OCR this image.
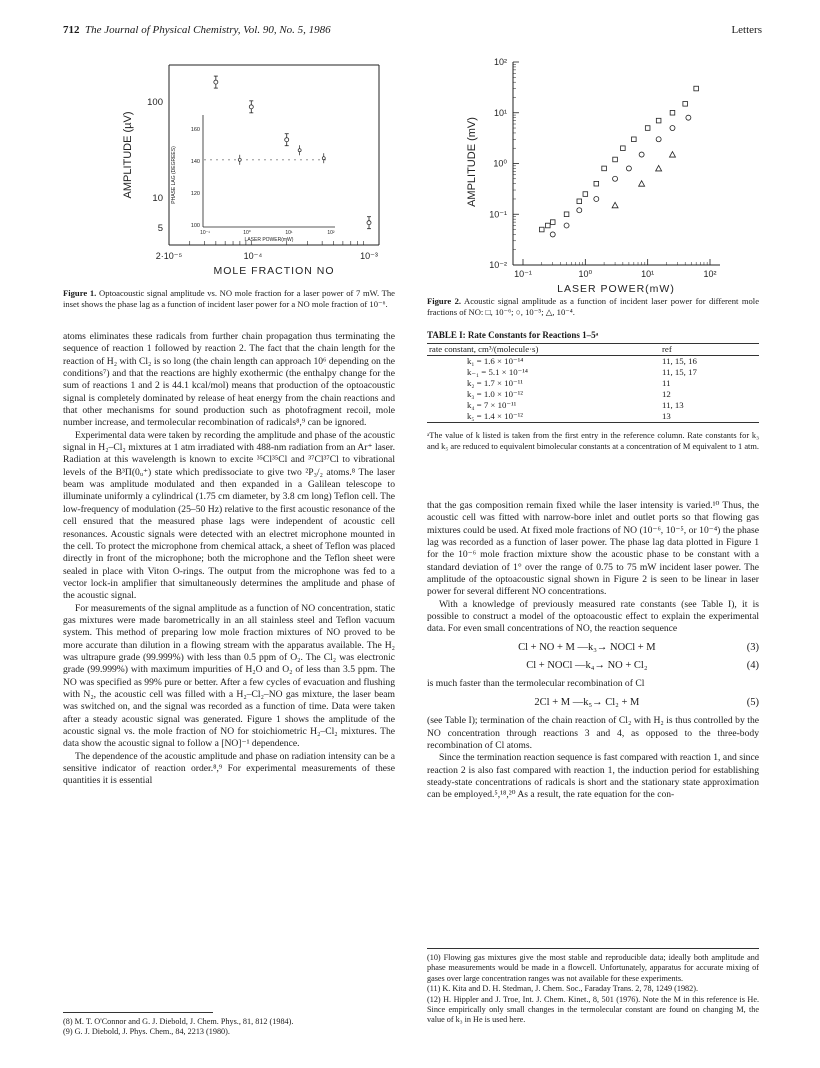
712 The Journal of Physical Chemistry, Vol. 90, No. 5, 1986	Letters
AMPLITUDE (µV)
100
10
5
2·10⁻⁵	10⁻⁴	10⁻³
MOLE FRACTION NO
PHASE LAG (DEGREES)
160
140
120
100
10⁻¹	10⁰	10¹	10²
LASER POWER(mW)
Figure 1. Optoacoustic signal amplitude vs. NO mole fraction for a laser power of 7 mW. The inset shows the phase lag as a function of incident laser power for a NO mole fraction of 10⁻⁶.
AMPLITUDE (mV)
10²
10¹
10⁰
10⁻¹
10⁻²
10⁻¹	10⁰	10¹	10²
LASER POWER(mW)
Figure 2. Acoustic signal amplitude as a function of incident laser power for different mole fractions of NO: □, 10⁻⁶; ○, 10⁻⁵; △, 10⁻⁴.

atoms eliminates these radicals from further chain propagation thus terminating the sequence of reaction 1 followed by reaction 2. The fact that the chain length for the reaction of H₂ with Cl₂ is so long (the chain length can approach 10⁶ depending on the conditions⁷) and that the reactions are highly exothermic (the enthalpy change for the sum of reactions 1 and 2 is 44.1 kcal/mol) means that production of the optoacoustic signal is completely dominated by release of heat energy from the chain reactions and that other mechanisms for sound production such as photofragment recoil, mole number increase, and termolecular recombination of radicals⁸,⁹ can be ignored.

Experimental data were taken by recording the amplitude and phase of the acoustic signal in H₂–Cl₂ mixtures at 1 atm irradiated with 488-nm radiation from an Ar⁺ laser. Radiation at this wavelength is known to excite ³⁵Cl³⁵Cl and ³⁷Cl³⁷Cl to vibrational levels of the B³Π(0ᵤ⁺) state which predissociate to give two ²P₃/₂ atoms.⁸ The laser beam was amplitude modulated and then expanded in a Galilean telescope to illuminate uniformly a cylindrical (1.75 cm diameter, by 3.8 cm long) Teflon cell. The low-frequency of modulation (25–50 Hz) relative to the first acoustic resonance of the cell ensured that the measured phase lags were independent of acoustic cell resonances. Acoustic signals were detected with an electret microphone mounted in the cell. To protect the microphone from chemical attack, a sheet of Teflon was placed directly in front of the microphone; both the microphone and the Teflon sheet were sealed in place with Viton O-rings. The output from the microphone was fed to a vector lock-in amplifier that simultaneously determines the amplitude and phase of the acoustic signal.

For measurements of the signal amplitude as a function of NO concentration, static gas mixtures were made barometrically in an all stainless steel and Teflon vacuum system. This method of preparing low mole fraction mixtures of NO proved to be more accurate than dilution in a flowing stream with the apparatus available. The H₂ was ultrapure grade (99.999%) with less than 0.5 ppm of O₂. The Cl₂ was electronic grade (99.999%) with maximum impurities of H₂O and O₂ of less than 3.5 ppm. The NO was specified as 99% pure or better. After a few cycles of evacuation and flushing with N₂, the acoustic cell was filled with a H₂–Cl₂–NO gas mixture, the laser beam was switched on, and the signal was recorded as a function of time. Data were taken after a steady acoustic signal was generated. Figure 1 shows the amplitude of the acoustic signal vs. the mole fraction of NO for stoichiometric H₂–Cl₂ mixtures. The data show the acoustic signal to follow a [NO]⁻¹ dependence.

The dependence of the acoustic amplitude and phase on radiation intensity can be a sensitive indicator of reaction order.⁸,⁹ For experimental measurements of these quantities it is essential

(8) M. T. O'Connor and G. J. Diebold, J. Chem. Phys., 81, 812 (1984).
(9) G. J. Diebold, J. Phys. Chem., 84, 2213 (1980).
TABLE I: Rate Constants for Reactions 1–5ᵃ
rate constant, cm³/(molecule·s)	ref
k₁ = 1.6 × 10⁻¹⁴	11, 15, 16
k₋₁ = 5.1 × 10⁻¹⁴	11, 15, 17
k₂ = 1.7 × 10⁻¹¹	11
k₃ = 1.0 × 10⁻¹²	12
k₄ = 7 × 10⁻¹¹	11, 13
k₅ = 1.4 × 10⁻¹²	13
ᵃThe value of k listed is taken from the first entry in the reference column. Rate constants for k₃ and k₅ are reduced to equivalent bimolecular constants at a concentration of M equivalent to 1 atm.

that the gas composition remain fixed while the laser intensity is varied.¹⁰ Thus, the acoustic cell was fitted with narrow-bore inlet and outlet ports so that flowing gas mixtures could be used. At fixed mole fractions of NO (10⁻⁶, 10⁻⁵, or 10⁻⁴) the phase lag was recorded as a function of laser power. The phase lag data plotted in Figure 1 for the 10⁻⁶ mole fraction mixture show the acoustic phase to be constant with a standard deviation of 1° over the range of 0.75 to 75 mW incident laser power. The amplitude of the optoacoustic signal shown in Figure 2 is seen to be linear in laser power for several different NO concentrations.

With a knowledge of previously measured rate constants (see Table I), it is possible to construct a model of the optoacoustic effect to explain the experimental data. For even small concentrations of NO, the reaction sequence

Cl + NO + M —k₃→ NOCl + M	(3)
Cl + NOCl —k₄→ NO + Cl₂	(4)

is much faster than the termolecular recombination of Cl

2Cl + M —k₅→ Cl₂ + M	(5)

(see Table I); termination of the chain reaction of Cl₂ with H₂ is thus controlled by the NO concentration through reactions 3 and 4, as opposed to the three-body recombination of Cl atoms.

Since the termination reaction sequence is fast compared with reaction 1, and since reaction 2 is also fast compared with reaction 1, the induction period for establishing steady-state concentrations of radicals is short and the stationary state approximation can be employed.⁵,¹⁸,²⁰ As a result, the rate equation for the con-

(10) Flowing gas mixtures give the most stable and reproducible data; ideally both amplitude and phase measurements would be made in a flowcell. Unfortunately, apparatus for accurate mixing of gases over large concentration ranges was not available for these experiments.
(11) K. Kita and D. H. Stedman, J. Chem. Soc., Faraday Trans. 2, 78, 1249 (1982).
(12) H. Hippler and J. Troe, Int. J. Chem. Kinet., 8, 501 (1976). Note the M in this reference is He. Since empirically only small changes in the termolecular constant are found on changing M, the value of k₃ in He is used here.
